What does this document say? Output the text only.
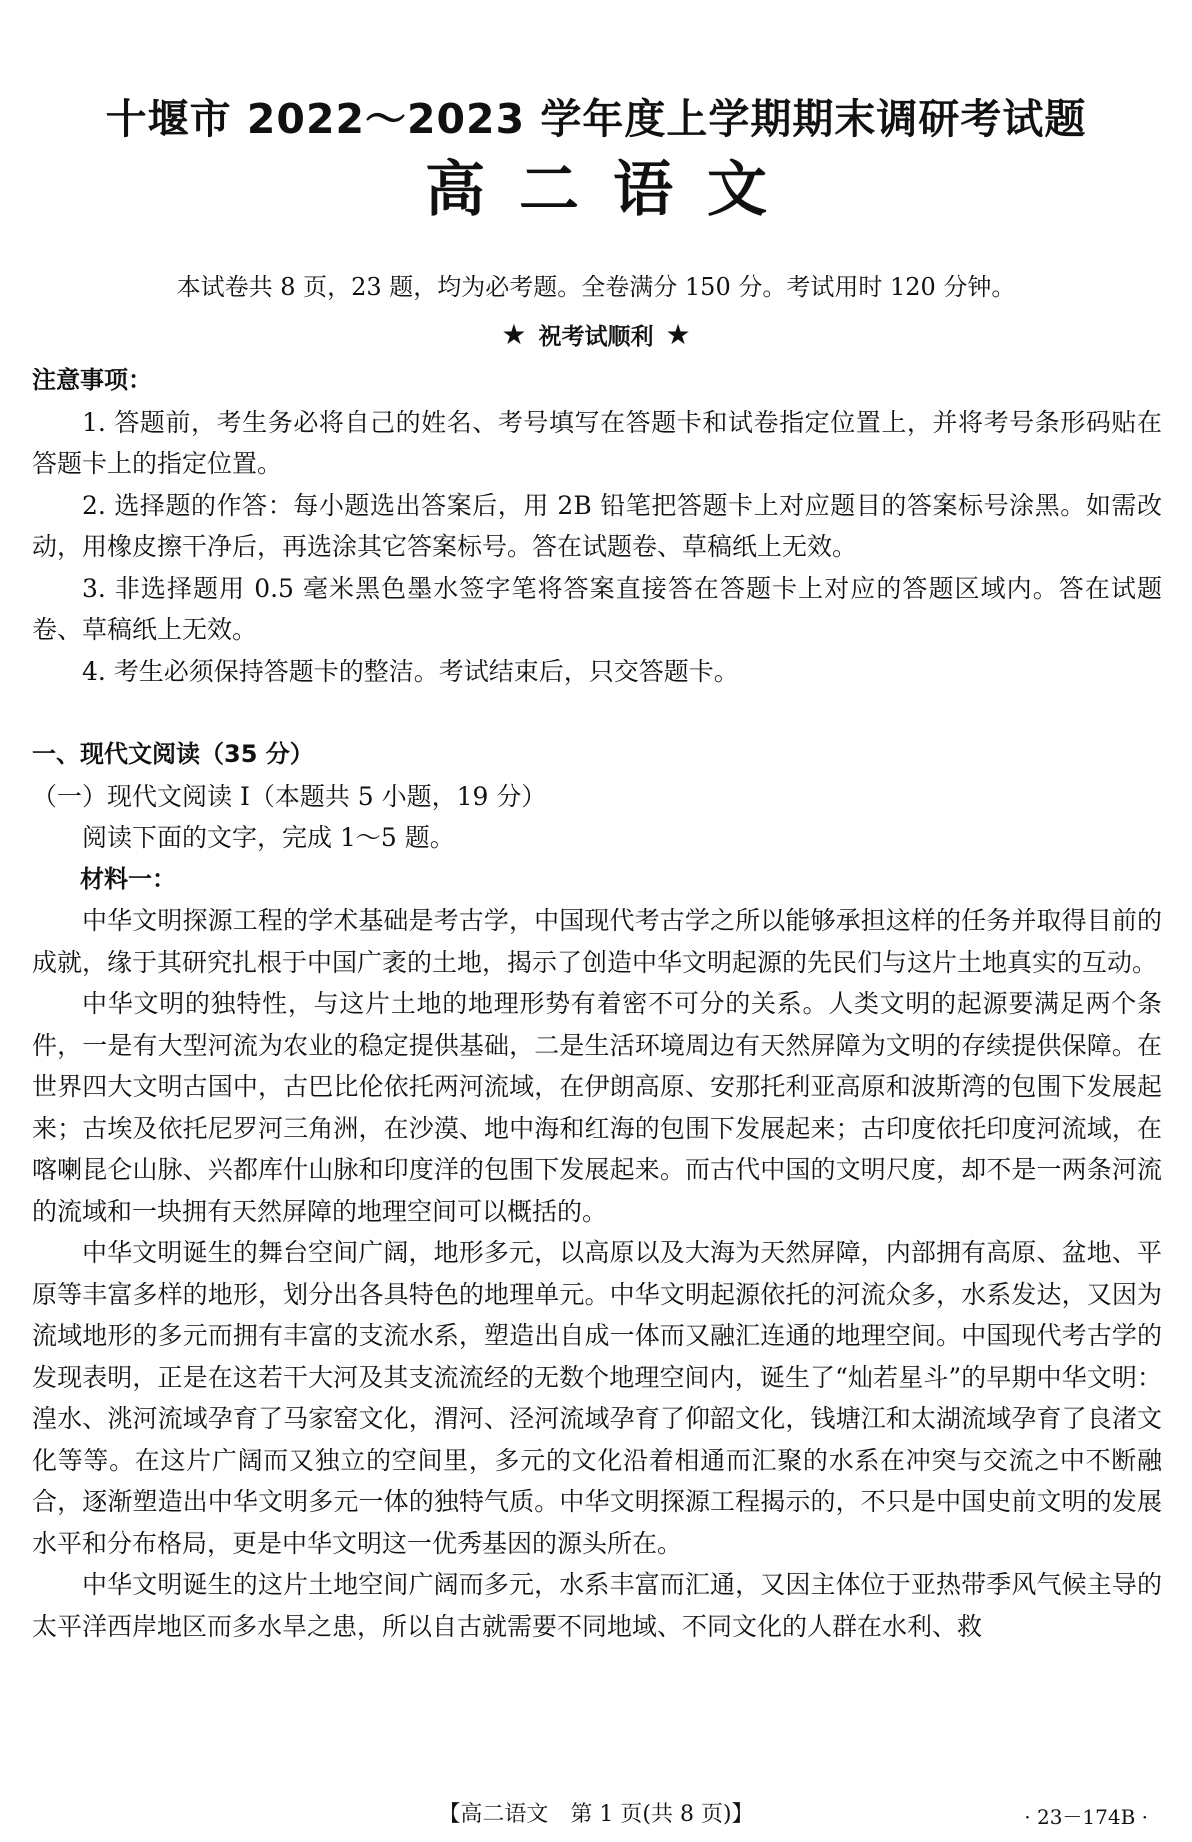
十堰市 2022～2023 学年度上学期期末调研考试题
高二语文
本试卷共 8 页，23 题，均为必考题。全卷满分 150 分。考试用时 120 分钟。
★ 祝考试顺利 ★
注意事项：

1. 答题前，考生务必将自己的姓名、考号填写在答题卡和试卷指定位置上，并将考号条形码贴在答题卡上的指定位置。

2. 选择题的作答：每小题选出答案后，用 2B 铅笔把答题卡上对应题目的答案标号涂黑。如需改动，用橡皮擦干净后，再选涂其它答案标号。答在试题卷、草稿纸上无效。

3. 非选择题用 0.5 毫米黑色墨水签字笔将答案直接答在答题卡上对应的答题区域内。答在试题卷、草稿纸上无效。

4. 考生必须保持答题卡的整洁。考试结束后，只交答题卡。

一、现代文阅读（35 分）
（一）现代文阅读 Ⅰ（本题共 5 小题，19 分）

阅读下面的文字，完成 1～5 题。

材料一：

中华文明探源工程的学术基础是考古学，中国现代考古学之所以能够承担这样的任务并取得目前的成就，缘于其研究扎根于中国广袤的土地，揭示了创造中华文明起源的先民们与这片土地真实的互动。

中华文明的独特性，与这片土地的地理形势有着密不可分的关系。人类文明的起源要满足两个条件，一是有大型河流为农业的稳定提供基础，二是生活环境周边有天然屏障为文明的存续提供保障。在世界四大文明古国中，古巴比伦依托两河流域，在伊朗高原、安那托利亚高原和波斯湾的包围下发展起来；古埃及依托尼罗河三角洲，在沙漠、地中海和红海的包围下发展起来；古印度依托印度河流域，在喀喇昆仑山脉、兴都库什山脉和印度洋的包围下发展起来。而古代中国的文明尺度，却不是一两条河流的流域和一块拥有天然屏障的地理空间可以概括的。

中华文明诞生的舞台空间广阔，地形多元，以高原以及大海为天然屏障，内部拥有高原、盆地、平原等丰富多样的地形，划分出各具特色的地理单元。中华文明起源依托的河流众多，水系发达，又因为流域地形的多元而拥有丰富的支流水系，塑造出自成一体而又融汇连通的地理空间。中国现代考古学的发现表明，正是在这若干大河及其支流流经的无数个地理空间内，诞生了“灿若星斗”的早期中华文明：湟水、洮河流域孕育了马家窑文化，渭河、泾河流域孕育了仰韶文化，钱塘江和太湖流域孕育了良渚文化等等。在这片广阔而又独立的空间里，多元的文化沿着相通而汇聚的水系在冲突与交流之中不断融合，逐渐塑造出中华文明多元一体的独特气质。中华文明探源工程揭示的，不只是中国史前文明的发展水平和分布格局，更是中华文明这一优秀基因的源头所在。

中华文明诞生的这片土地空间广阔而多元，水系丰富而汇通，又因主体位于亚热带季风气候主导的太平洋西岸地区而多水旱之患，所以自古就需要不同地域、不同文化的人群在水利、救

【高二语文　第 1 页(共 8 页)】	· 23－174B ·
